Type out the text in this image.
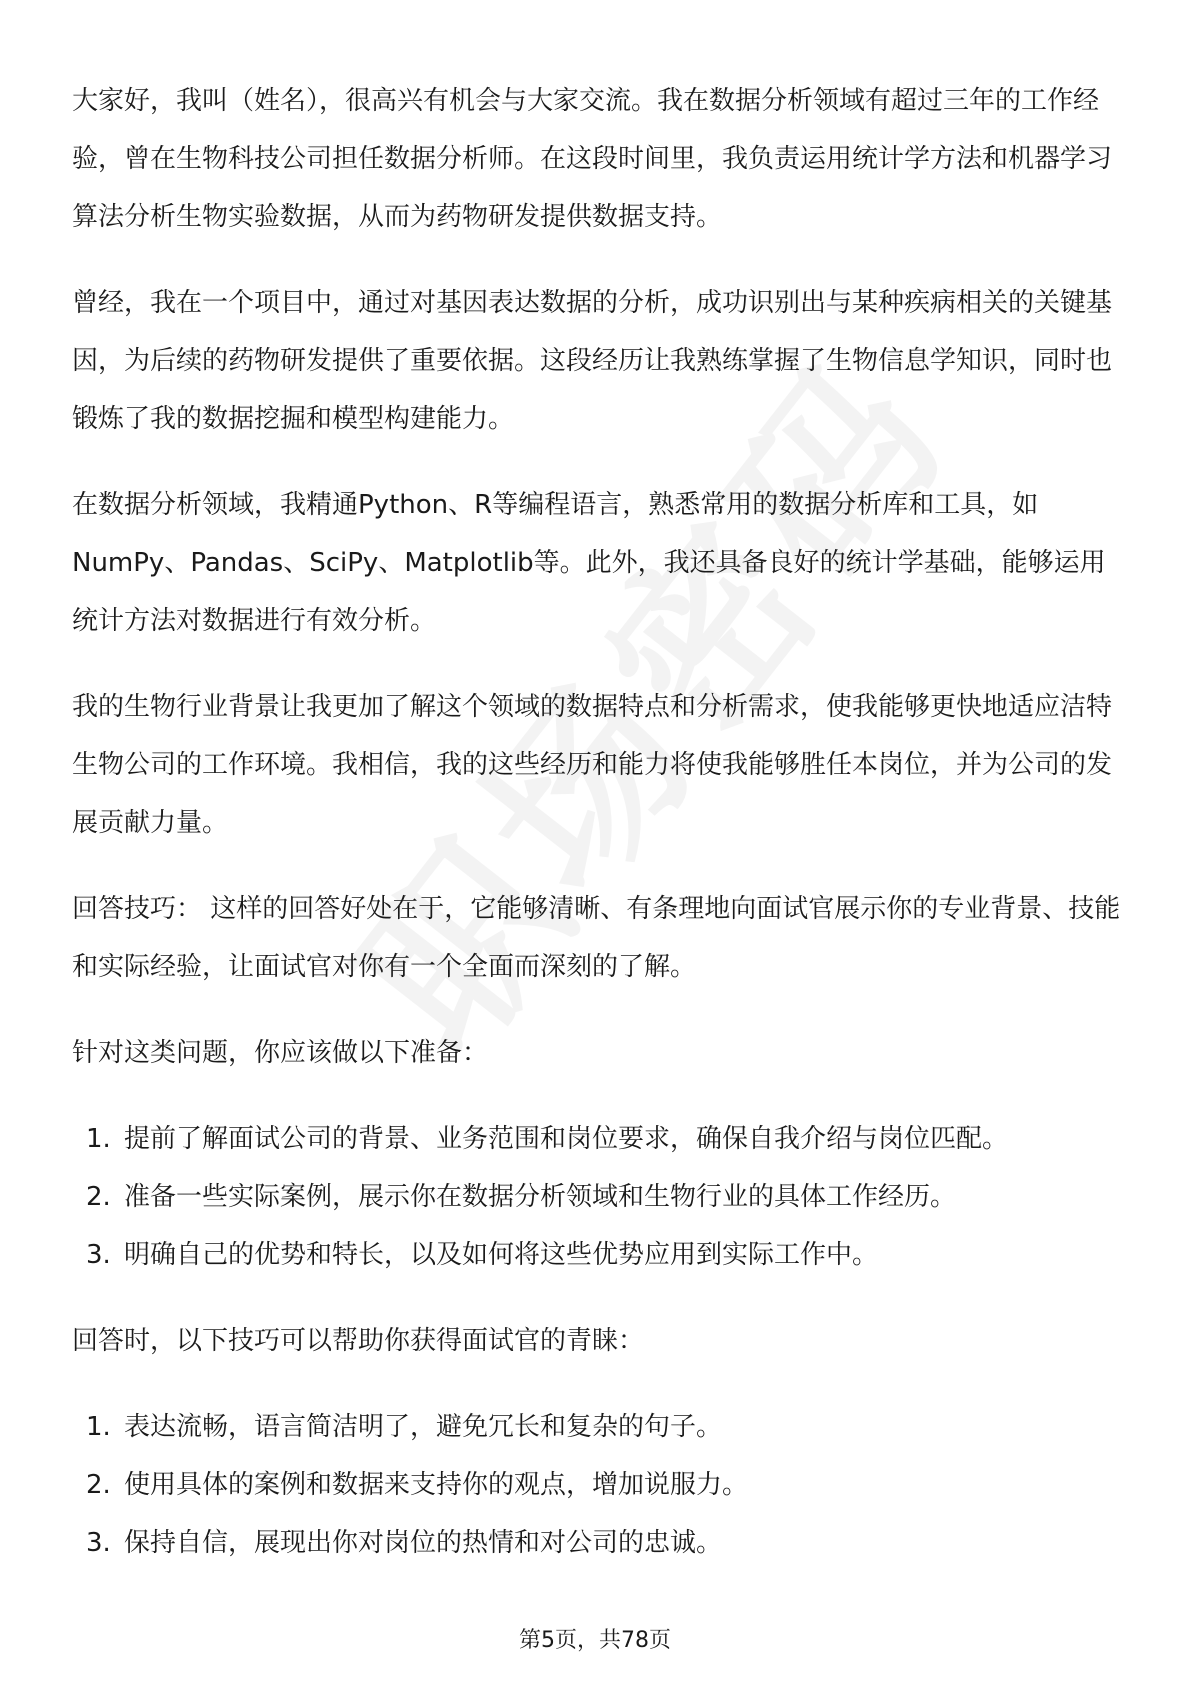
大家好，我叫（姓名），很高兴有机会与大家交流。我在数据分析领域有超过三年的工作经验，曾在生物科技公司担任数据分析师。在这段时间里，我负责运用统计学方法和机器学习算法分析生物实验数据，从而为药物研发提供数据支持。

曾经，我在一个项目中，通过对基因表达数据的分析，成功识别出与某种疾病相关的关键基因，为后续的药物研发提供了重要依据。这段经历让我熟练掌握了生物信息学知识，同时也锻炼了我的数据挖掘和模型构建能力。

在数据分析领域，我精通Python、R等编程语言，熟悉常用的数据分析库和工具，如NumPy、Pandas、SciPy、Matplotlib等。此外，我还具备良好的统计学基础，能够运用统计方法对数据进行有效分析。

我的生物行业背景让我更加了解这个领域的数据特点和分析需求，使我能够更快地适应洁特生物公司的工作环境。我相信，我的这些经历和能力将使我能够胜任本岗位，并为公司的发展贡献力量。

回答技巧： 这样的回答好处在于，它能够清晰、有条理地向面试官展示你的专业背景、技能和实际经验，让面试官对你有一个全面而深刻的了解。

针对这类问题，你应该做以下准备：

1. 提前了解面试公司的背景、业务范围和岗位要求，确保自我介绍与岗位匹配。
2. 准备一些实际案例，展示你在数据分析领域和生物行业的具体工作经历。
3. 明确自己的优势和特长，以及如何将这些优势应用到实际工作中。

回答时，以下技巧可以帮助你获得面试官的青睐：

1. 表达流畅，语言简洁明了，避免冗长和复杂的句子。
2. 使用具体的案例和数据来支持你的观点，增加说服力。
3. 保持自信，展现出你对岗位的热情和对公司的忠诚。
第5页，共78页
